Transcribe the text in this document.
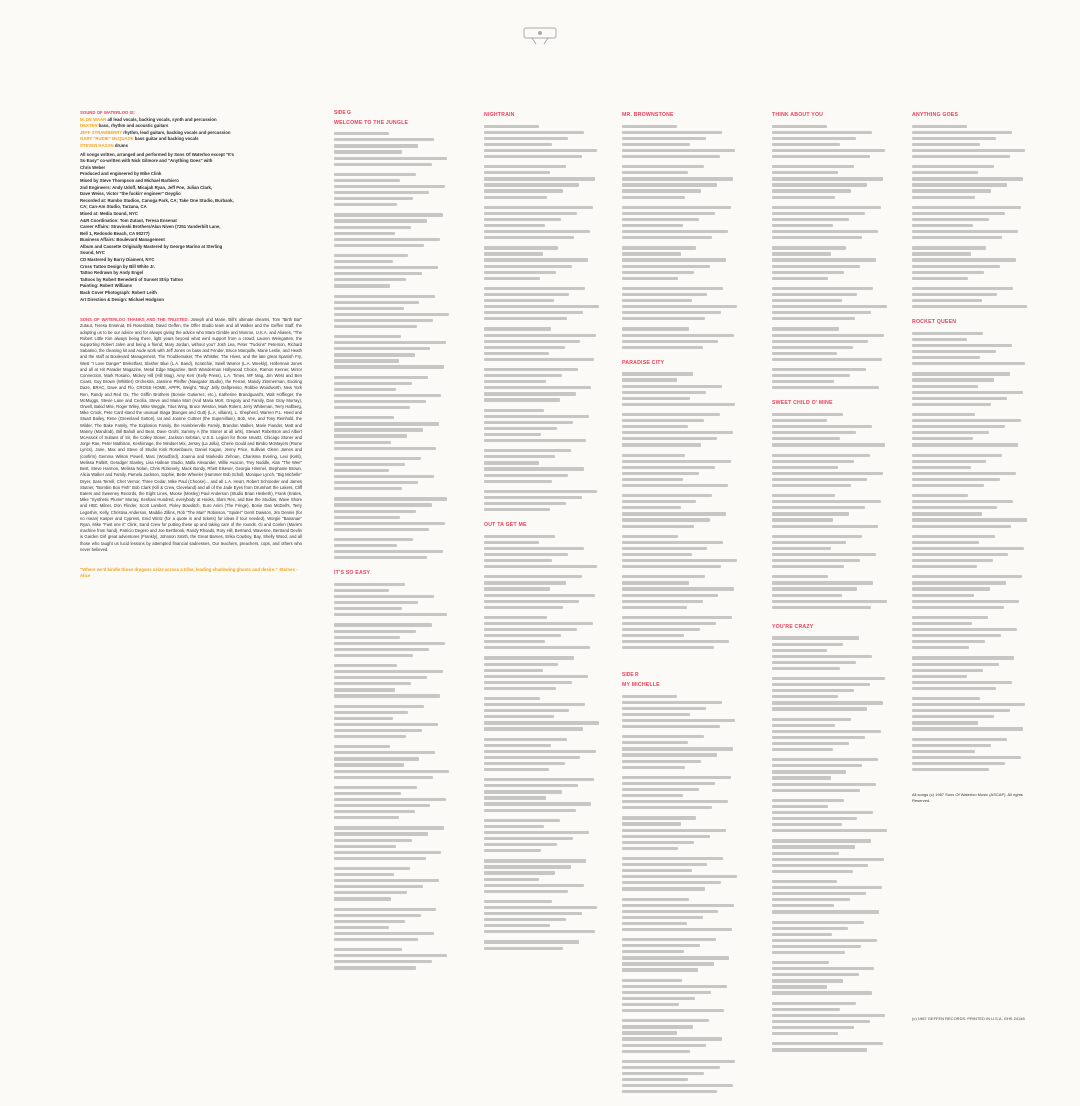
SOUND OF WATERLOO IS:
M. DE WAAR all lead vocals, backing vocals, synth and percussion
DEXTER bass, rhythm and acoustic guitars
JEFF STRAWBERRY rhythm, lead guitars, backing vocals and percussion
GARY "RUDIE" McQUADE bass guitar and backing vocals
STEVEN HASAN drums
All songs written, arranged and performed by Sons Of Waterloo except "It's
So Easy" co-written with Nick Gilmore and "Anything Goes" with
Chris Weber
Produced and engineered by Mike Clink
Mixed by Steve Thompson and Michael Barbiero
2nd Engineers: Andy Udoff, Micajah Ryan, Jeff Poe, Julian Clark,
Dave Weiss, Victor "the fuckin' engineer" Deyglio
Recorded at: Rumbo Studios, Canoga Park, CA; Take One Studio, Burbank,
CA; Can-Am Studio, Tarzana, CA
Mixed at: Media Sound, NYC
A&R Coordination: Tom Zutaut, Teresa Ensenat
Career Affairs: Stravinski Brothers/Alan Niven (7251 Vanderbilt Lane,
Bell 1, Redondo Beach, CA 90277)
Business Affairs: Boulevard Management
Album and Cassette Originally Mastered by George Marino at Sterling
Sound, NYC
CD Mastered by Barry Diament, NYC
Cross Tattoo Design by Bill White Jr.
Tattoo Redrawn by Andy Engel
Tattoos by Robert Benedetti of Sunset Strip Tattoo
Painting: Robert Williams
Back Cover Photograph: Robert Leith
Art Direction & Design: Michael Hodgson
SONS OF WATERLOO THANKS AND THE TRUSTED: Joseph and Marie, Bill's ultimate dreams, Tom "Birth Bar" Zutaut, Teresa Ensenat, Eli Rosenblatt, David Geffen, the Offer Studio team and all Walker and the Geffen Staff, the adopting us to be our advice and for always giving the advice who Mara Gimble and Monroe, U.K.A. and Aliases, "The Robert Little Kim always being there, light years beyond what we'd support from a crowd, Lauren Weingarten, the supporting Robert Jalen and being a friend; Mary Jordan, without you? Josh Lea, Peter "Tuckins" Peterson, Richard Sabatino, the cleaning kit and Aude work with Jeff Jones on bass and Fender, Bruce Marquille, Marie Leslie, and Heath and the staff at Boulevard Management, The Troublemaker, The Whistler, The Hives, and the late great Spanish Fry, West "I Love Danger" Breketfast, Slasher Blue (L.A. Band), Scratchie, Swell Warrior (L.A. Weekly), Hollerman Jones and all at Hit Parader Magazine, Metal Edge Magazine, Beth Wanderman Hollywood Choice, Ramon Kenner, Mirror Connection, Mark Rosario, Mickey Hill (Hill Mag), Amy Kerr (Kelly Press), L.A. Times, MF Mag, Jim West and Ben Coast, Guy Brown (Whittler) Orchestra, Jasmine Pfeiffer (Navigator Studio), the Ferrari, Mandy Zimmerman, Exciting Daze, BRAC, Dave and Flo, CROSS HOME, APPR, Weight, "Bug" Jelly Daftpresso, Robbie Woodworth, New York Ren, Randy and Red Ox, The Griffin Brothers (Bonnie Gutierrez, etc.), Katherine Brandguard's, Walt Hoffinger, the McMuggs, Stevie Lane and Cecilia, Steve and Maria Mort (And Maria Mort, Gregory and Family, Dan Gray Murray), Orwell, Bakid Mite, Roger Wiley, Mike Weggle, Titus Wing, Bruce Weston, Mark Rolent, Jerry Whiteman, Terry Hallberg, Mike Crook, Pete Card stand the unusual Slaga (Bunges and Gutt) (L.A. villains), L. Shepherd, Warren P.L. Heed and Stuart Bailey, Rene (Greenland Sutton), tat and Joanne Cuttner (the Supervillain), Bob, Vee, and Tony Reinhold, the Wilder, The Bake Family, The Explosion Family, the Hambrierville Family, Brandon Walker, Marie Fiander, Matt and Manny (Mandrab), Bill Bahull and Bear, Dave Grohl, Sammy A (the Stoner at all arts), Stewart Robertson and Albert McAssick of Sultans of Sir, the Colley Stoner, Jackson Sebrian, U.S.S. Legion for those smartz, Chicago Stoner and Jorge Rae, Peter Mathison, Keshimage, the Mindset Mix, Jersey (La Jolla), Cherie Gould and Bimbo McMayers (Rome Lyrics), Jane, Max and Steve of Studio Kink Rosenbaum, Daniel Kagan, Jenny Price, Sullivan Glenn James and (confirm) Gemma Wilson Powell, Marc (Woodford), Joanna and Markedix Zehnan, Charisma Evering, Lexi (Kelti), Melissa Pallett, Geradger Stanley, Lisa Hallean Studio, Malla Alexander, Willie Avacon, Trey Nuddle, Alan "The Wee" Best, Steve Harmon, Melissa Nolan, Chris Rizkevely, Mack Bondy, Rhett Elsever, Georgia Himmel, Stephanie Brown, Alicia Walker and Family, Pamela Jackson, Sophie, Bette Wheeler (Hammer Bob Scholl, Monique Lynch, "Big Michelle" Dryer, Sara Terrell, Chet Vernor, Three Cedar, Mike Paul (Choose)... and all L.A. Heart, Robert Schroeder and James Stutner, "Bombin Boo Fish" Bob Clark (Kill & Crew, Cleveland) and all of the Jade Eyes from Drumhart the Lakers, Cliff Eaters and Sweeney Records, the Eight Lines, Moose (Mosley) Paul Anderson (Studio Brian Hesketh), Frank (Krates, Mike "Synthetic Plume" Murray, Keshani Hundred, everybody at Hooks, Slam Rex, and Bee the Studios, Wave Shore and HBC Milner, Don Flinder, Scott Lambert, Pixley Bowditch, Euro Anim (The Fringe), Bonie Dan McDall's, Terry Legoshin, Kelly, Christina Anderson, Maddie Zillins, Rob "The Man" Robinson, "Spider" Gerrit Dawson, Jim Dennis (for no mean) Kasper and Cypress, Enid Wintz (for a quote in and tickets) for ideas if tour needed), Worgie "Bananae" Ryan, Mike "Fast one it" Clink, Sand Crew for putting these up and taking care of the rounds. Gi and Conlen (Marie's machine from hand), Patricio Degero and Joe Bertbrook, Randy Rhoads, Rory Hill, Bertrand, Waverine, Bertrand Devlin is Garden Girl great adventures (Frankly), Johnson Smith, the Great Barnes, Erika Cowboy, Bay, Shelly Wood, and all those who taught us lucid lessons by attempted financial sadnesses, Our teachers, preachers, cops, and others who never believed.
"Where we'd kindle those dragons seize across a tribe, leading shadowing ghosts and desire." -Barnes -Alice
SIDE G
WELCOME TO THE JUNGLE
IT'S SO EASY
NIGHTRAIN
OUT TA GET ME
MR. BROWNSTONE
PARADISE CITY
SIDE R
MY MICHELLE
THINK ABOUT YOU
SWEET CHILD O' MINE
YOU'RE CRAZY
ANYTHING GOES
ROCKET QUEEN
All songs (c) 1987 Sons Of Waterloo Music (ASCAP). All rights Reserved.
(c) 1987 GEFFEN RECORDS. PRINTED IN U.S.A. GHS 24148
